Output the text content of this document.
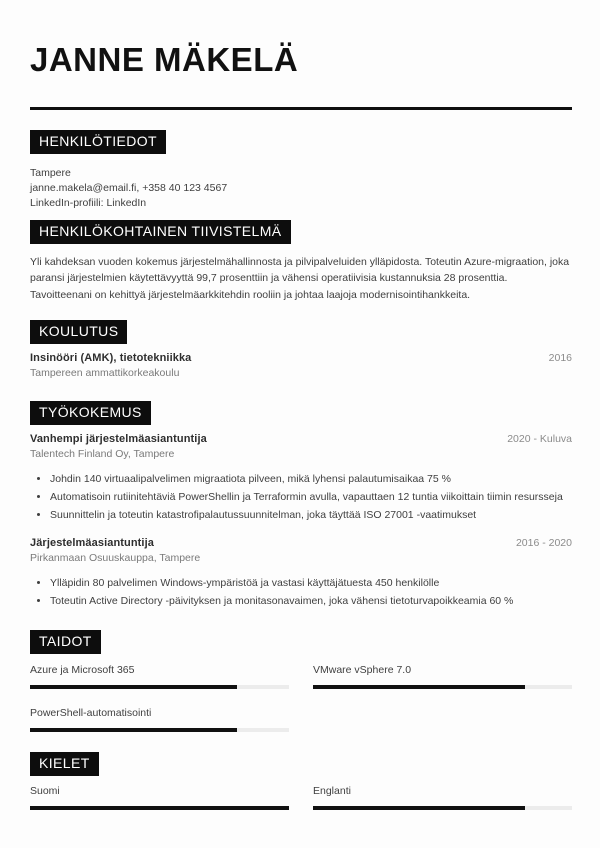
JANNE MÄKELÄ
HENKILÖTIEDOT
Tampere
janne.makela@email.fi, +358 40 123 4567
LinkedIn-profiili: LinkedIn
HENKILÖKOHTAINEN TIIVISTELMÄ

Yli kahdeksan vuoden kokemus järjestelmähallinnosta ja pilvipalveluiden ylläpidosta. Toteutin Azure-migraation, joka paransi järjestelmien käytettävyyttä 99,7 prosenttiin ja vähensi operatiivisia kustannuksia 28 prosenttia. Tavoitteenani on kehittyä järjestelmäarkkitehdin rooliin ja johtaa laajoja modernisointihankkeita.

KOULUTUS
Insinööri (AMK), tietotekniikka	2016
Tampereen ammattikorkeakoulu
TYÖKOKEMUS
Vanhempi järjestelmäasiantuntija	2020 - Kuluva
Talentech Finland Oy, Tampere
• Johdin 140 virtuaalipalvelimen migraatiota pilveen, mikä lyhensi palautumisaikaa 75 %
• Automatisoin rutiinitehtäviä PowerShellin ja Terraformin avulla, vapauttaen 12 tuntia viikoittain tiimin resursseja
• Suunnittelin ja toteutin katastrofipalautussuunnitelman, joka täyttää ISO 27001 -vaatimukset
Järjestelmäasiantuntija	2016 - 2020
Pirkanmaan Osuuskauppa, Tampere
• Ylläpidin 80 palvelimen Windows-ympäristöä ja vastasi käyttäjätuesta 450 henkilölle
• Toteutin Active Directory -päivityksen ja monitasonavaimen, joka vähensi tietoturvapoikkeamia 60 %
TAIDOT
Azure ja Microsoft 365	VMware vSphere 7.0
PowerShell-automatisointi
KIELET
Suomi	Englanti
